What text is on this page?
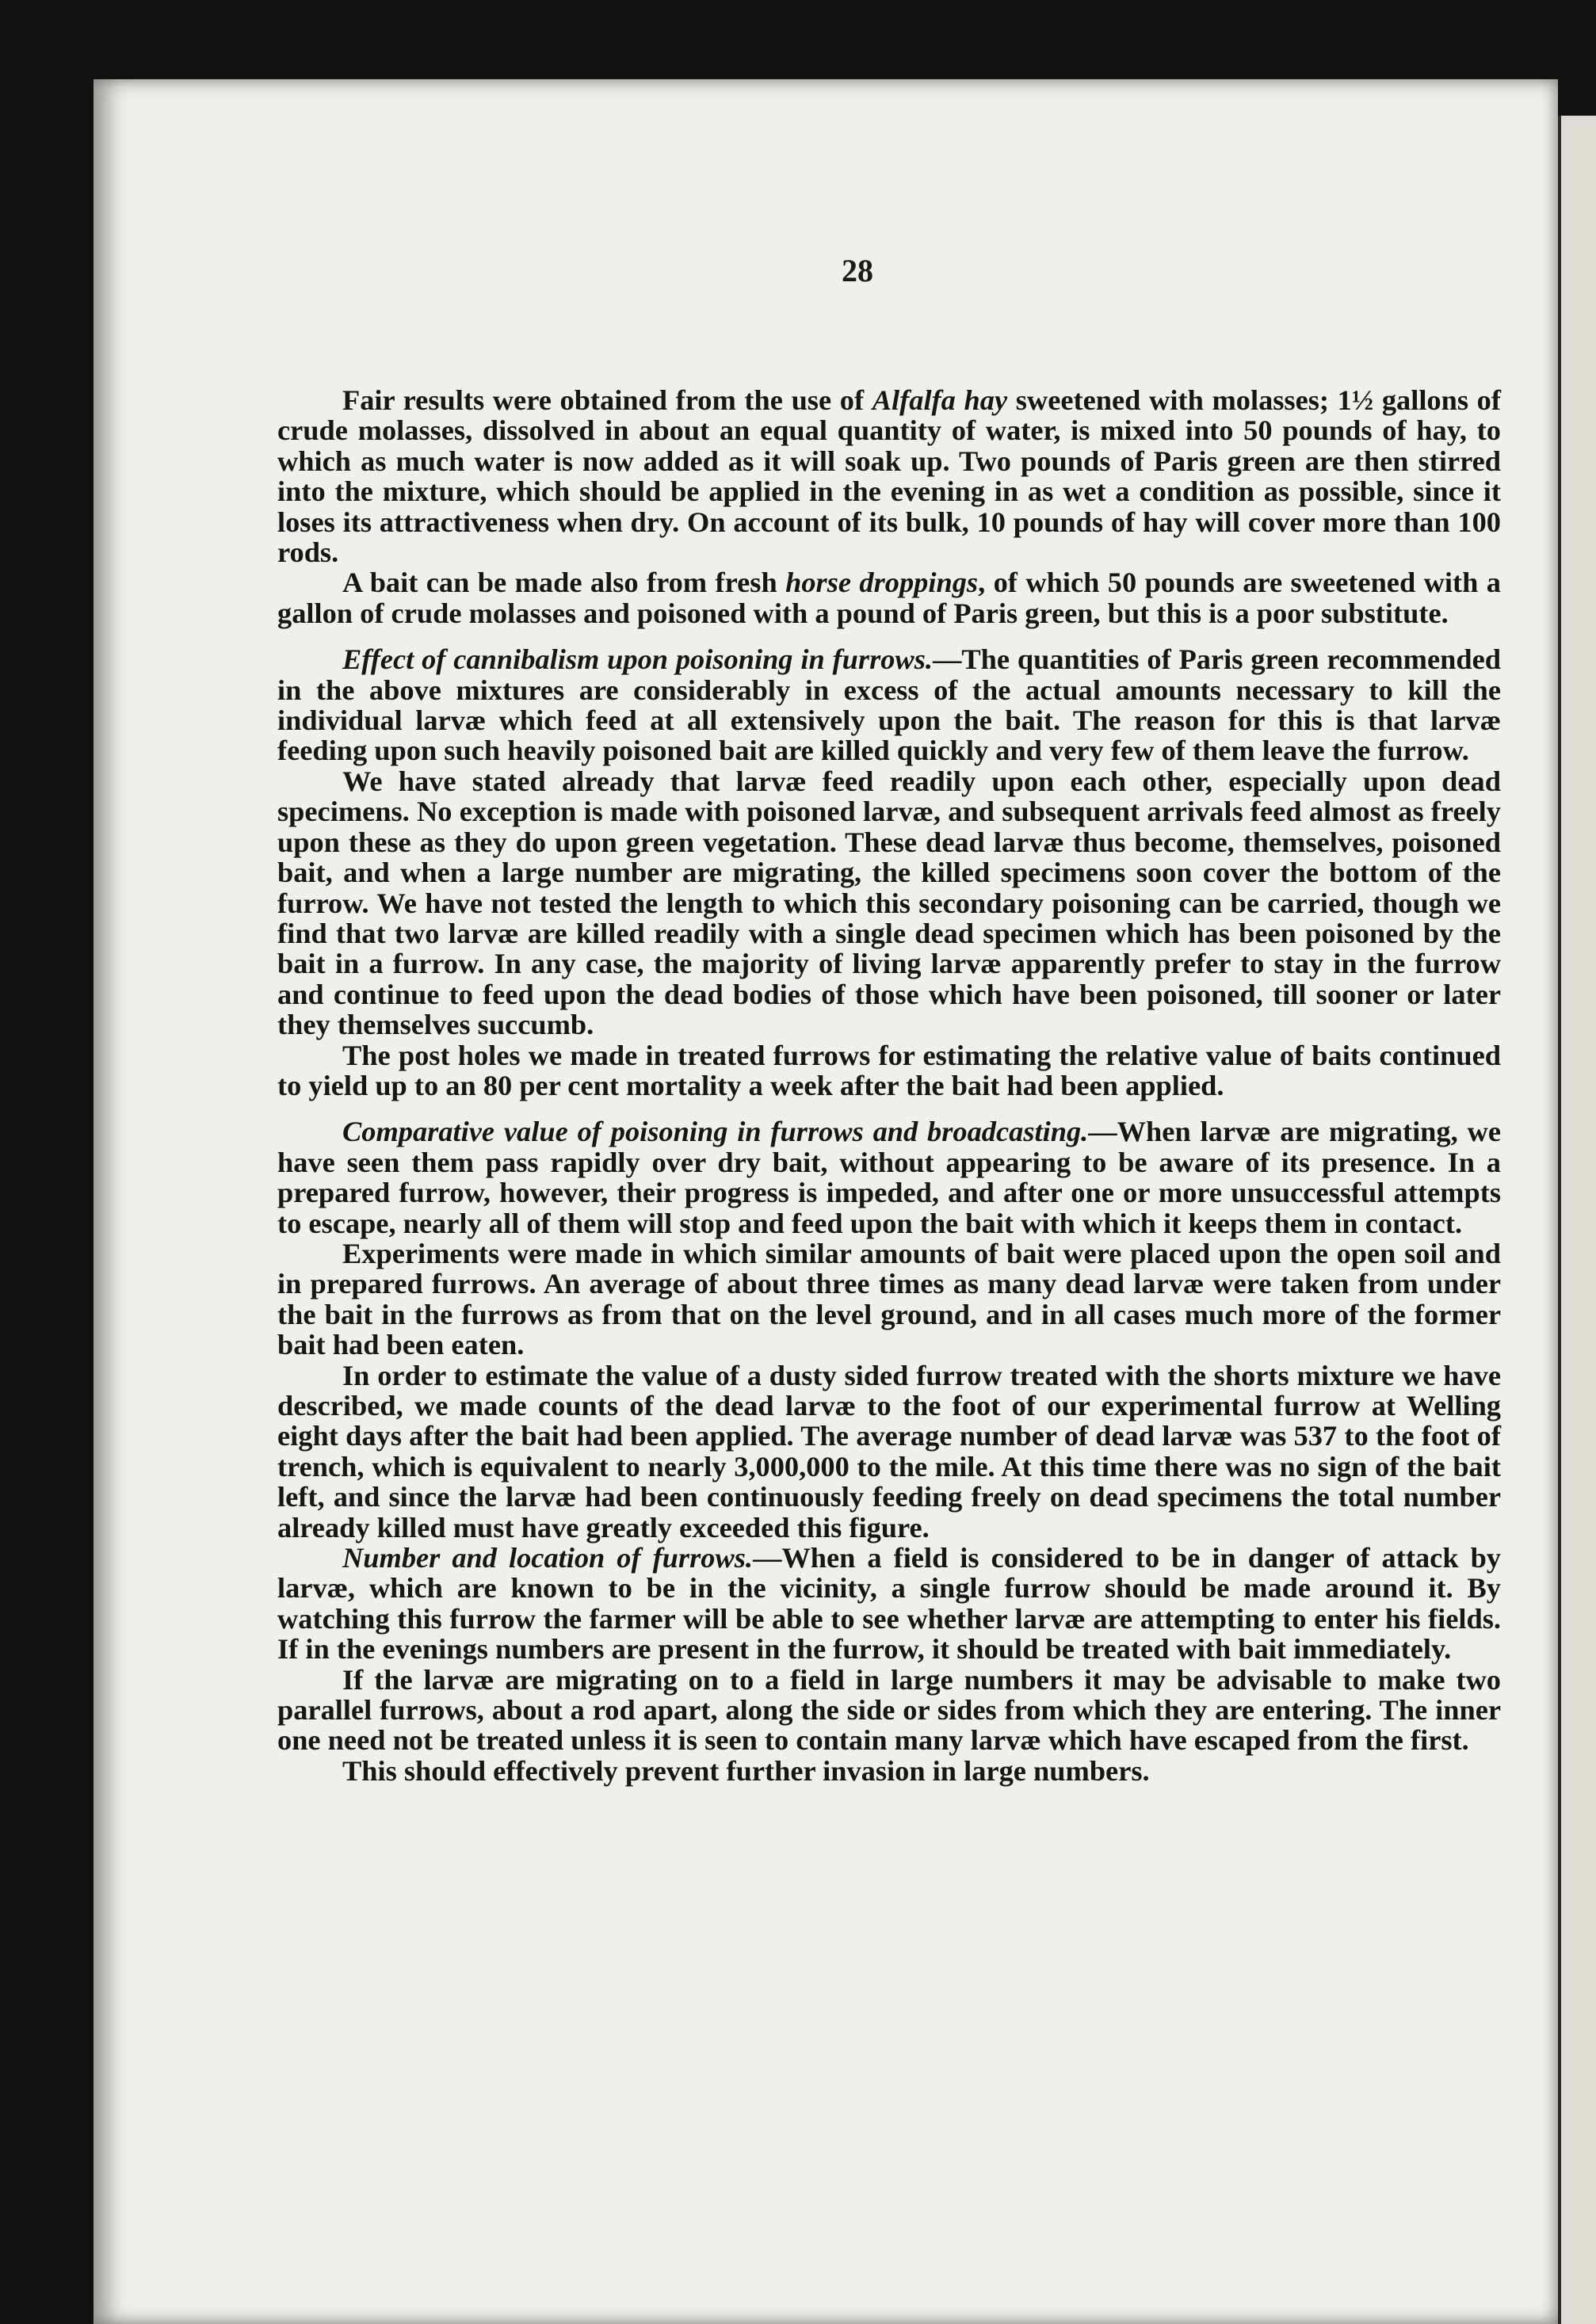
28

Fair results were obtained from the use of Alfalfa hay sweetened with molasses; 1½ gallons of crude molasses, dissolved in about an equal quantity of water, is mixed into 50 pounds of hay, to which as much water is now added as it will soak up. Two pounds of Paris green are then stirred into the mixture, which should be applied in the evening in as wet a condition as possible, since it loses its attractiveness when dry. On account of its bulk, 10 pounds of hay will cover more than 100 rods.

A bait can be made also from fresh horse droppings, of which 50 pounds are sweetened with a gallon of crude molasses and poisoned with a pound of Paris green, but this is a poor substitute.

Effect of cannibalism upon poisoning in furrows.—The quantities of Paris green recommended in the above mixtures are considerably in excess of the actual amounts necessary to kill the individual larvæ which feed at all extensively upon the bait. The reason for this is that larvæ feeding upon such heavily poisoned bait are killed quickly and very few of them leave the furrow.

We have stated already that larvæ feed readily upon each other, especially upon dead specimens. No exception is made with poisoned larvæ, and subsequent arrivals feed almost as freely upon these as they do upon green vegetation. These dead larvæ thus become, themselves, poisoned bait, and when a large number are migrating, the killed specimens soon cover the bottom of the furrow. We have not tested the length to which this secondary poisoning can be carried, though we find that two larvæ are killed readily with a single dead specimen which has been poisoned by the bait in a furrow. In any case, the majority of living larvæ apparently prefer to stay in the furrow and continue to feed upon the dead bodies of those which have been poisoned, till sooner or later they themselves succumb.

The post holes we made in treated furrows for estimating the relative value of baits continued to yield up to an 80 per cent mortality a week after the bait had been applied.

Comparative value of poisoning in furrows and broadcasting.—When larvæ are migrating, we have seen them pass rapidly over dry bait, without appearing to be aware of its presence. In a prepared furrow, however, their progress is impeded, and after one or more unsuccessful attempts to escape, nearly all of them will stop and feed upon the bait with which it keeps them in contact.

Experiments were made in which similar amounts of bait were placed upon the open soil and in prepared furrows. An average of about three times as many dead larvæ were taken from under the bait in the furrows as from that on the level ground, and in all cases much more of the former bait had been eaten.

In order to estimate the value of a dusty sided furrow treated with the shorts mixture we have described, we made counts of the dead larvæ to the foot of our experimental furrow at Welling eight days after the bait had been applied. The average number of dead larvæ was 537 to the foot of trench, which is equivalent to nearly 3,000,000 to the mile. At this time there was no sign of the bait left, and since the larvæ had been continuously feeding freely on dead specimens the total number already killed must have greatly exceeded this figure.

Number and location of furrows.—When a field is considered to be in danger of attack by larvæ, which are known to be in the vicinity, a single furrow should be made around it. By watching this furrow the farmer will be able to see whether larvæ are attempting to enter his fields. If in the evenings numbers are present in the furrow, it should be treated with bait immediately.

If the larvæ are migrating on to a field in large numbers it may be advisable to make two parallel furrows, about a rod apart, along the side or sides from which they are entering. The inner one need not be treated unless it is seen to contain many larvæ which have escaped from the first.

This should effectively prevent further invasion in large numbers.
